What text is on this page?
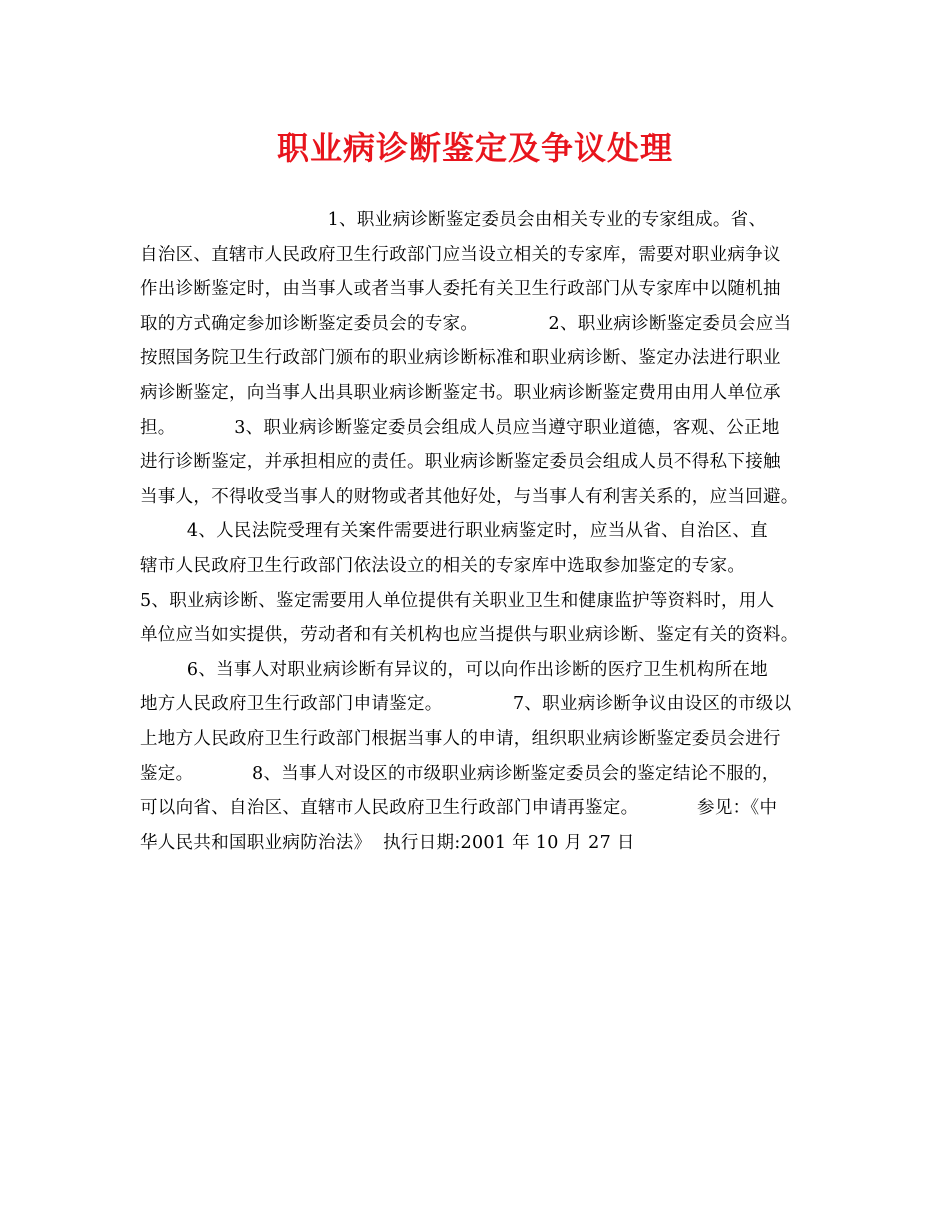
职业病诊断鉴定及争议处理
1、职业病诊断鉴定委员会由相关专业的专家组成。省、
自治区、直辖市人民政府卫生行政部门应当设立相关的专家库，需要对职业病争议
作出诊断鉴定时，由当事人或者当事人委托有关卫生行政部门从专家库中以随机抽
取的方式确定参加诊断鉴定委员会的专家。            2、职业病诊断鉴定委员会应当
按照国务院卫生行政部门颁布的职业病诊断标准和职业病诊断、鉴定办法进行职业
病诊断鉴定，向当事人出具职业病诊断鉴定书。职业病诊断鉴定费用由用人单位承
担。          3、职业病诊断鉴定委员会组成人员应当遵守职业道德，客观、公正地
进行诊断鉴定，并承担相应的责任。职业病诊断鉴定委员会组成人员不得私下接触
当事人，不得收受当事人的财物或者其他好处，与当事人有利害关系的，应当回避。
4、人民法院受理有关案件需要进行职业病鉴定时，应当从省、自治区、直
辖市人民政府卫生行政部门依法设立的相关的专家库中选取参加鉴定的专家。
5、职业病诊断、鉴定需要用人单位提供有关职业卫生和健康监护等资料时，用人
单位应当如实提供，劳动者和有关机构也应当提供与职业病诊断、鉴定有关的资料。
6、当事人对职业病诊断有异议的，可以向作出诊断的医疗卫生机构所在地
地方人民政府卫生行政部门申请鉴定。            7、职业病诊断争议由设区的市级以
上地方人民政府卫生行政部门根据当事人的申请，组织职业病诊断鉴定委员会进行
鉴定。          8、当事人对设区的市级职业病诊断鉴定委员会的鉴定结论不服的，
可以向省、自治区、直辖市人民政府卫生行政部门申请再鉴定。          参见：《中
华人民共和国职业病防治法》  执行日期:2001 年 10 月 27 日
